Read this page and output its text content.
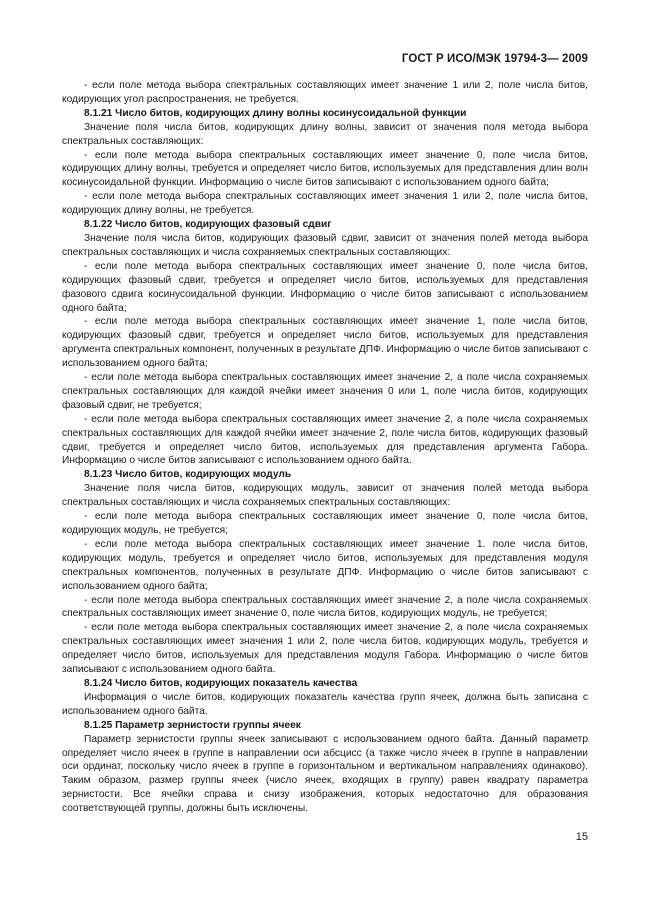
ГОСТ Р ИСО/МЭК 19794-3— 2009

- если поле метода выбора спектральных составляющих имеет значение 1 или 2, поле числа битов, кодирующих угол распространения, не требуется.

8.1.21 Число битов, кодирующих длину волны косинусоидальной функции

Значение поля числа битов, кодирующих длину волны, зависит от значения поля метода выбора спектральных составляющих:

- если поле метода выбора спектральных составляющих имеет значение 0, поле числа битов, кодирующих длину волны, требуется и определяет число битов, используемых для представления длин волн косинусоидальной функции. Информацию о числе битов записывают с использованием одного байта;

- если поле метода выбора спектральных составляющих имеет значения 1 или 2, поле числа битов, кодирующих длину волны, не требуется.

8.1.22 Число битов, кодирующих фазовый сдвиг

Значение поля числа битов, кодирующих фазовый сдвиг, зависит от значения полей метода выбора спектральных составляющих и числа сохраняемых спектральных составляющих:

- если поле метода выбора спектральных составляющих имеет значение 0, поле числа битов, кодирующих фазовый сдвиг, требуется и определяет число битов, используемых для представления фазового сдвига косинусоидальной функции. Информацию о числе битов записывают с использованием одного байта;

- если поле метода выбора спектральных составляющих имеет значение 1, поле числа битов, кодирующих фазовый сдвиг, требуется и определяет число битов, используемых для представления аргумента спектральных компонент, полученных в результате ДПФ. Информацию о числе битов записывают с использованием одного байта;

- если поле метода выбора спектральных составляющих имеет значение 2, а поле числа сохраняемых спектральных составляющих для каждой ячейки имеет значения 0 или 1, поле числа битов, кодирующих фазовый сдвиг, не требуется;

- если поле метода выбора спектральных составляющих имеет значение 2, а поле числа сохраняемых спектральных составляющих для каждой ячейки имеет значение 2, поле числа битов, кодирующих фазовый сдвиг, требуется и определяет число битов, используемых для представления аргумента Габора. Информацию о числе битов записывают с использованием одного байта.

8.1.23 Число битов, кодирующих модуль

Значение поля числа битов, кодирующих модуль, зависит от значения полей метода выбора спектральных составляющих и числа сохраняемых спектральных составляющих:

- если поле метода выбора спектральных составляющих имеет значение 0, поле числа битов, кодирующих модуль, не требуется;

- если поле метода выбора спектральных составляющих имеет значение 1. поле числа битов, кодирующих модуль, требуется и определяет число битов, используемых для представления модуля спектральных компонентов, полученных в результате ДПФ. Информацию о числе битов записывают с использованием одного байта;

- если поле метода выбора спектральных составляющих имеет значение 2, а поле числа сохраняемых спектральных составляющих имеет значение 0, поле числа битов, кодирующих модуль, не требуется;

- если поле метода выбора спектральных составляющих имеет значение 2, а поле числа сохраняемых спектральных составляющих имеет значения 1 или 2, поле числа битов, кодирующих модуль, требуется и определяет число битов, используемых для представления модуля Габора. Информацию о числе битов записывают с использованием одного байта.

8.1.24 Число битов, кодирующих показатель качества

Информация о числе битов, кодирующих показатель качества групп ячеек, должна быть записана с использованием одного байта.

8.1.25 Параметр зернистости группы ячеек

Параметр зернистости группы ячеек записывают с использованием одного байта. Данный параметр определяет число ячеек в группе в направлении оси абсцисс (а также число ячеек в группе в направлении оси ординат, поскольку число ячеек в группе в горизонтальном и вертикальном направлениях одинаково). Таким образом, размер группы ячеек (число ячеек, входящих в группу) равен квадрату параметра зернистости. Все ячейки справа и снизу изображения, которых недостаточно для образования соответствующей группы, должны быть исключены.

15
